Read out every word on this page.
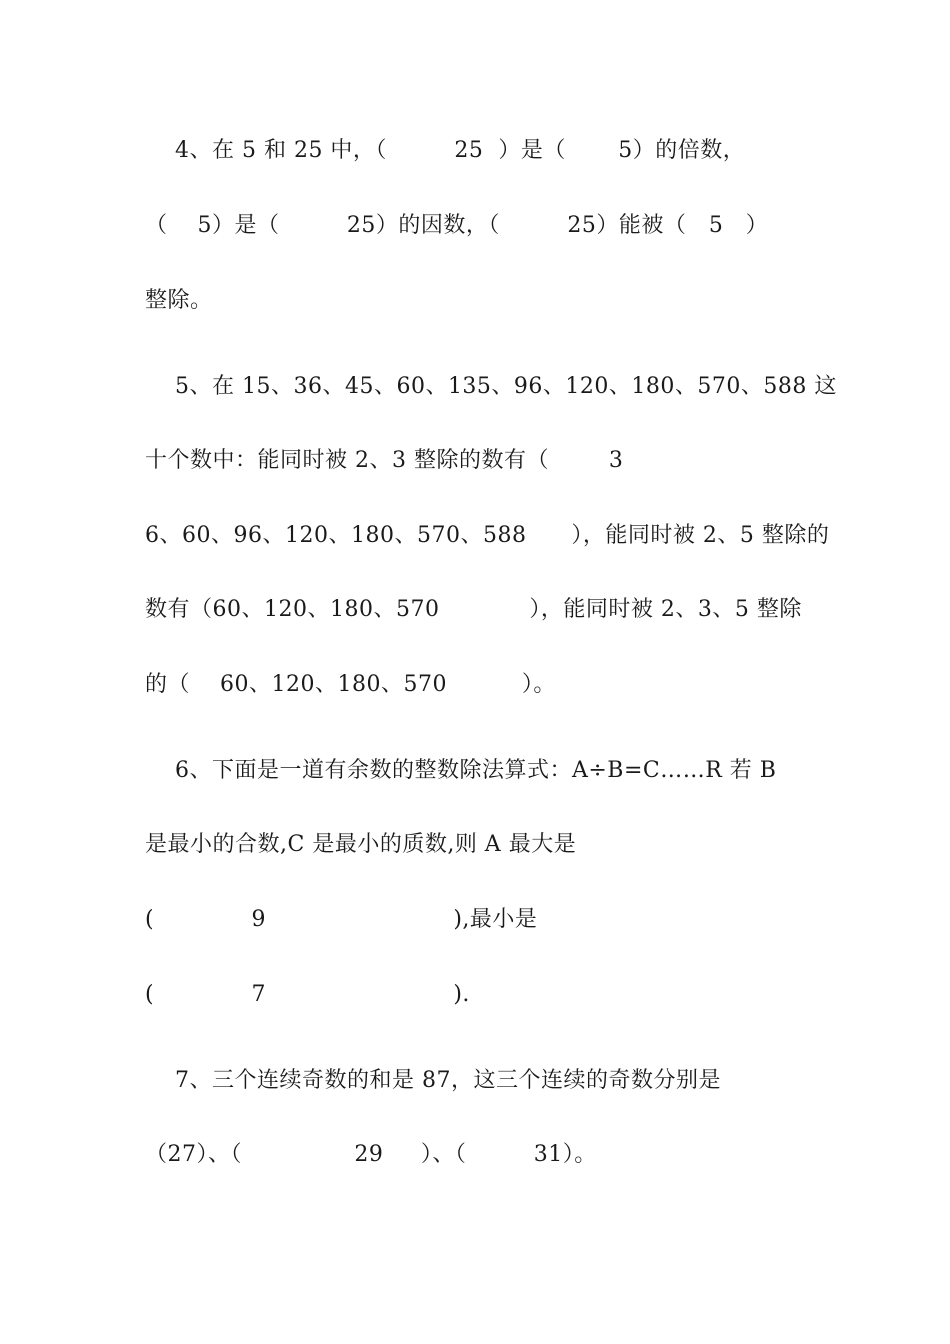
4、在 5 和 25 中，（         25  ）是（       5）的倍数，
（    5）是（         25）的因数，（         25）能被（   5   ）
整除。
5、在 15、36、45、60、135、96、120、180、570、588 这
十个数中：能同时被 2、3 整除的数有（        3
6、60、96、120、180、570、588      ），能同时被 2、5 整除的
数有（60、120、180、570            ），能同时被 2、3、5 整除
的（    60、120、180、570          ）。
6、下面是一道有余数的整数除法算式：A÷B=C……R 若 B
是最小的合数,C 是最小的质数,则 A 最大是
(             9                         ),最小是
(             7                         ).
7、三个连续奇数的和是 87，这三个连续的奇数分别是
（27）、（               29     ）、（         31）。
